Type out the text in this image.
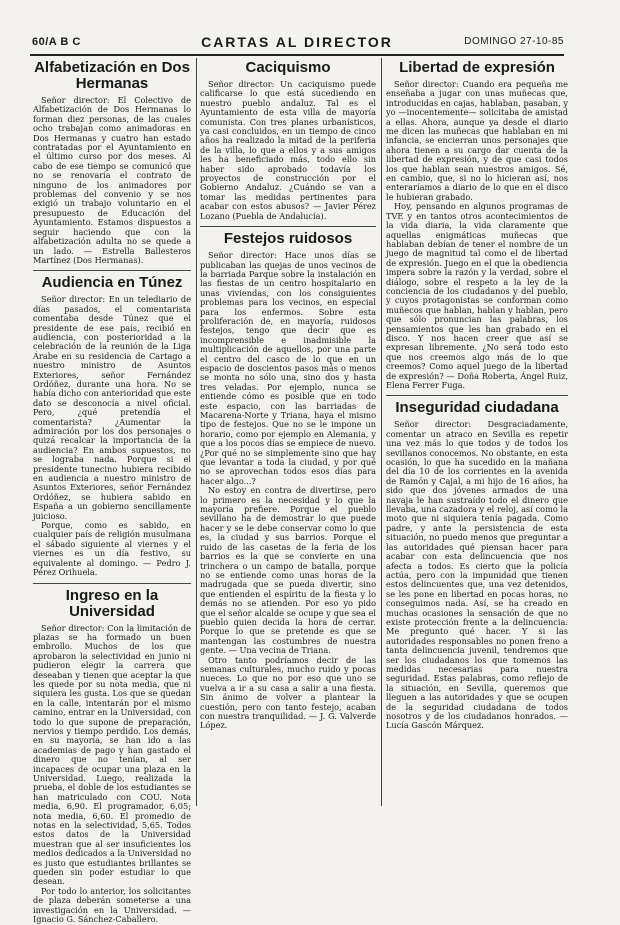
60/A B C	CARTAS AL DIRECTOR	DOMINGO 27-10-85
Alfabetización en Dos Hermanas

Señor director: El Colectivo de Alfabetización de Dos Hermanas lo forman diez personas, de las cuales ocho trabajan como animadoras en Dos Hermanas y cuatro han estado contratadas por el Ayuntamiento en el último curso por dos meses. Al cabo de ese tiempo se comunicó que no se renovaría el contrato de ninguno de los animadores por problemas del convenio y se nos exigió un trabajo voluntario en el presupuesto de Educación del Ayuntamiento. Estamos dispuestos a seguir haciendo que con la alfabetización adulta no se quede a un lado. — Estrella Ballesteros Martínez (Dos Hermanas).

Audiencia en Túnez

Señor director: En un telediario de días pasados, el comentarista comentaba desde Túnez que el presidente de ese país, recibió en audiencia, con posterioridad a la celebración de la reunión de la Liga Árabe en su residencia de Cartago a nuestro ministro de Asuntos Exteriores, señor Fernández Ordóñez, durante una hora. No se había dicho con anterioridad que este dato se desconocía a nivel oficial. Pero, ¿qué pretendía el comentarista? ¿Aumentar la admiración por los dos personajes o quizá recalcar la importancia de la audiencia? En ambos supuestos, no se lograba nada. Porque si el presidente tunecino hubiera recibido en audiencia a nuestro ministro de Asuntos Exteriores, señor Fernández Ordóñez, se hubiera sabido en España a un gobierno sencillamente juicioso.

Porque, como es sabido, en cualquier país de religión musulmana el sábado siguiente al viernes y el viernes es un día festivo, su equivalente al domingo. — Pedro J. Pérez Orihuela.

Ingreso en la Universidad

Señor director: Con la limitación de plazas se ha formado un buen embrollo. Muchos de los que aprobaron la selectividad en junio ni pudieron elegir la carrera que deseaban y tienen que aceptar la que les quede por su nota media, que ni siquiera les gusta. Los que se quedan en la calle, intentarán por el mismo camino, entrar en la Universidad, con todo lo que supone de preparación, nervios y tiempo perdido. Los demás, en su mayoría, se han ido a las academias de pago y han gastado el dinero que no tenían, al ser incapaces de ocupar una plaza en la Universidad. Luego, realizada la prueba, el doble de los estudiantes se han matriculado con COU. Nota media, 6,90. El programador, 6,05; nota media, 6,60. El promedio de notas en la selectividad, 5,65. Todos estos datos de la Universidad muestran que al ser insuficientes los medios dedicados a la Universidad no es justo que estudiantes brillantes se queden sin poder estudiar lo que desean.

Por todo lo anterior, los solicitantes de plaza deberán someterse a una investigación en la Universidad. — Ignacio G. Sánchez-Caballero.

Caciquismo

Señor director: Un caciquismo puede calificarse lo que está sucediendo en nuestro pueblo andaluz. Tal es el Ayuntamiento de esta villa de mayoría comunista. Con tres planes urbanísticos, ya casi concluidos, en un tiempo de cinco años ha realizado la mitad de la periferia de la villa, lo que a ellos y a sus amigos les ha beneficiado más, todo ello sin haber sido aprobado todavía los proyectos de construcción por el Gobierno Andaluz. ¿Cuándo se van a tomar las medidas pertinentes para acabar con estos abusos? — Javier Pérez Lozano (Puebla de Andalucía).

Festejos ruidosos

Señor director: Hace unos días se publicaban las quejas de unos vecinos de la barriada Parque sobre la instalación en las fiestas de un centro hospitalario en unas viviendas, con los consiguientes problemas para los vecinos, en especial para los enfermos. Sobre esta proliferación de, en mayoría, ruidosos festejos, tengo que decir que es incomprensible e inadmisible la multiplicación de aquellos, por una parte el centro del casco de lo que en un espacio de doscientos pasos más o menos se monta no sólo una, sino dos y hasta tres veladas. Por ejemplo, nunca se entiende cómo es posible que en todo este espacio, con las barriadas de Macarena-Norte y Triana, haya el mismo tipo de festejos. Que no se le impone un horario, como por ejemplo en Alemania, y que a los pocos días se empiece de nuevo. ¿Por qué no se simplemente sino que hay que levantar a toda la ciudad, y por qué no se aprovechan todos esos días para hacer algo...?

No estoy en contra de divertirse, pero lo primero es la necesidad y lo que la mayoría prefiere. Porque el pueblo sevillano ha de demostrar lo que puede hacer y se le debe conservar como lo que es, la ciudad y sus barrios. Porque el ruido de las casetas de la feria de los barrios es la que se convierte en una trinchera o un campo de batalla, porque no se entiende como unas horas de la madrugada que se pueda divertir, sino que entienden el espíritu de la fiesta y lo demás no se atienden. Por eso yo pido que el señor alcalde se ocupe y que sea el pueblo quien decida la hora de cerrar. Porque lo que se pretende es que se mantengan las costumbres de nuestra gente. — Una vecina de Triana.

Otro tanto podríamos decir de las semanas culturales, mucho ruido y pocas nueces. Lo que no por eso que uno se vuelva a ir a su casa a salir a una fiesta. Sin ánimo de volver a plantear la cuestión, pero con tanto festejo, acaban con nuestra tranquilidad. — J. G. Valverde López.

Libertad de expresión

Señor director: Cuando era pequeña me enseñaba a jugar con unas muñecas que, introducidas en cajas, hablaban, pasaban, y yo —inocentemente— solicitaba de amistad a ellas. Ahora, aunque ya desde el diario me dicen las muñecas que hablaban en mi infancia, se encierran unos personajes que ahora tienen a su cargo dar cuenta de la libertad de expresión, y de que casi todos los que hablan sean nuestros amigos. Sé, en cambio, que, si no lo hicieran así, nos enteraríamos a diario de lo que en el disco le hubieran grabado.

Hoy, pensando en algunos programas de TVE y en tantos otros acontecimientos de la vida diaria, la vida claramente que aquellas enigmáticas muñecas que hablaban debían de tener el nombre de un juego de magnitud tal como el de libertad de expresión. Juego en el que la obediencia impera sobre la razón y la verdad, sobre el diálogo, sobre el respeto a la ley de la conciencia de los ciudadanos y del pueblo, y cuyos protagonistas se conforman como muñecos que hablan, hablan y hablan, pero que sólo pronuncian las palabras, los pensamientos que les han grabado en el disco. Y nos hacen creer que así se expresan libremente. ¿No será todo esto que nos creemos algo más de lo que creemos? Como aquel juego de la libertad de expresión? — Doña Roberta, Ángel Ruiz, Elena Ferrer Fuga.

Inseguridad ciudadana

Señor director: Desgraciadamente, comentar un atraco en Sevilla es repetir una vez más lo que todos y de todos los sevillanos conocemos. No obstante, en esta ocasión, lo que ha sucedido en la mañana del día 10 de los corrientes en la avenida de Ramón y Cajal, a mi hijo de 16 años, ha sido que dos jóvenes armados de una navaja le han sustraído todo el dinero que llevaba, una cazadora y el reloj, así como la moto que ni siquiera tenía pagada. Como padre, y ante la persistencia de esta situación, no puedo menos que preguntar a las autoridades qué piensan hacer para acabar con esta delincuencia que nos afecta a todos. Es cierto que la policía actúa, pero con la impunidad que tienen estos delincuentes que, una vez detenidos, se les pone en libertad en pocas horas, no conseguimos nada. Así, se ha creado en muchas ocasiones la sensación de que no existe protección frente a la delincuencia. Me pregunto qué hacer. Y si las autoridades responsables no ponen freno a tanta delincuencia juvenil, tendremos que ser los ciudadanos los que tomemos las medidas necesarias para nuestra seguridad. Estas palabras, como reflejo de la situación, en Sevilla, queremos que lleguen a las autoridades y que se ocupen de la seguridad ciudadana de todos nosotros y de los ciudadanos honrados. — Lucía Gascón Márquez.
